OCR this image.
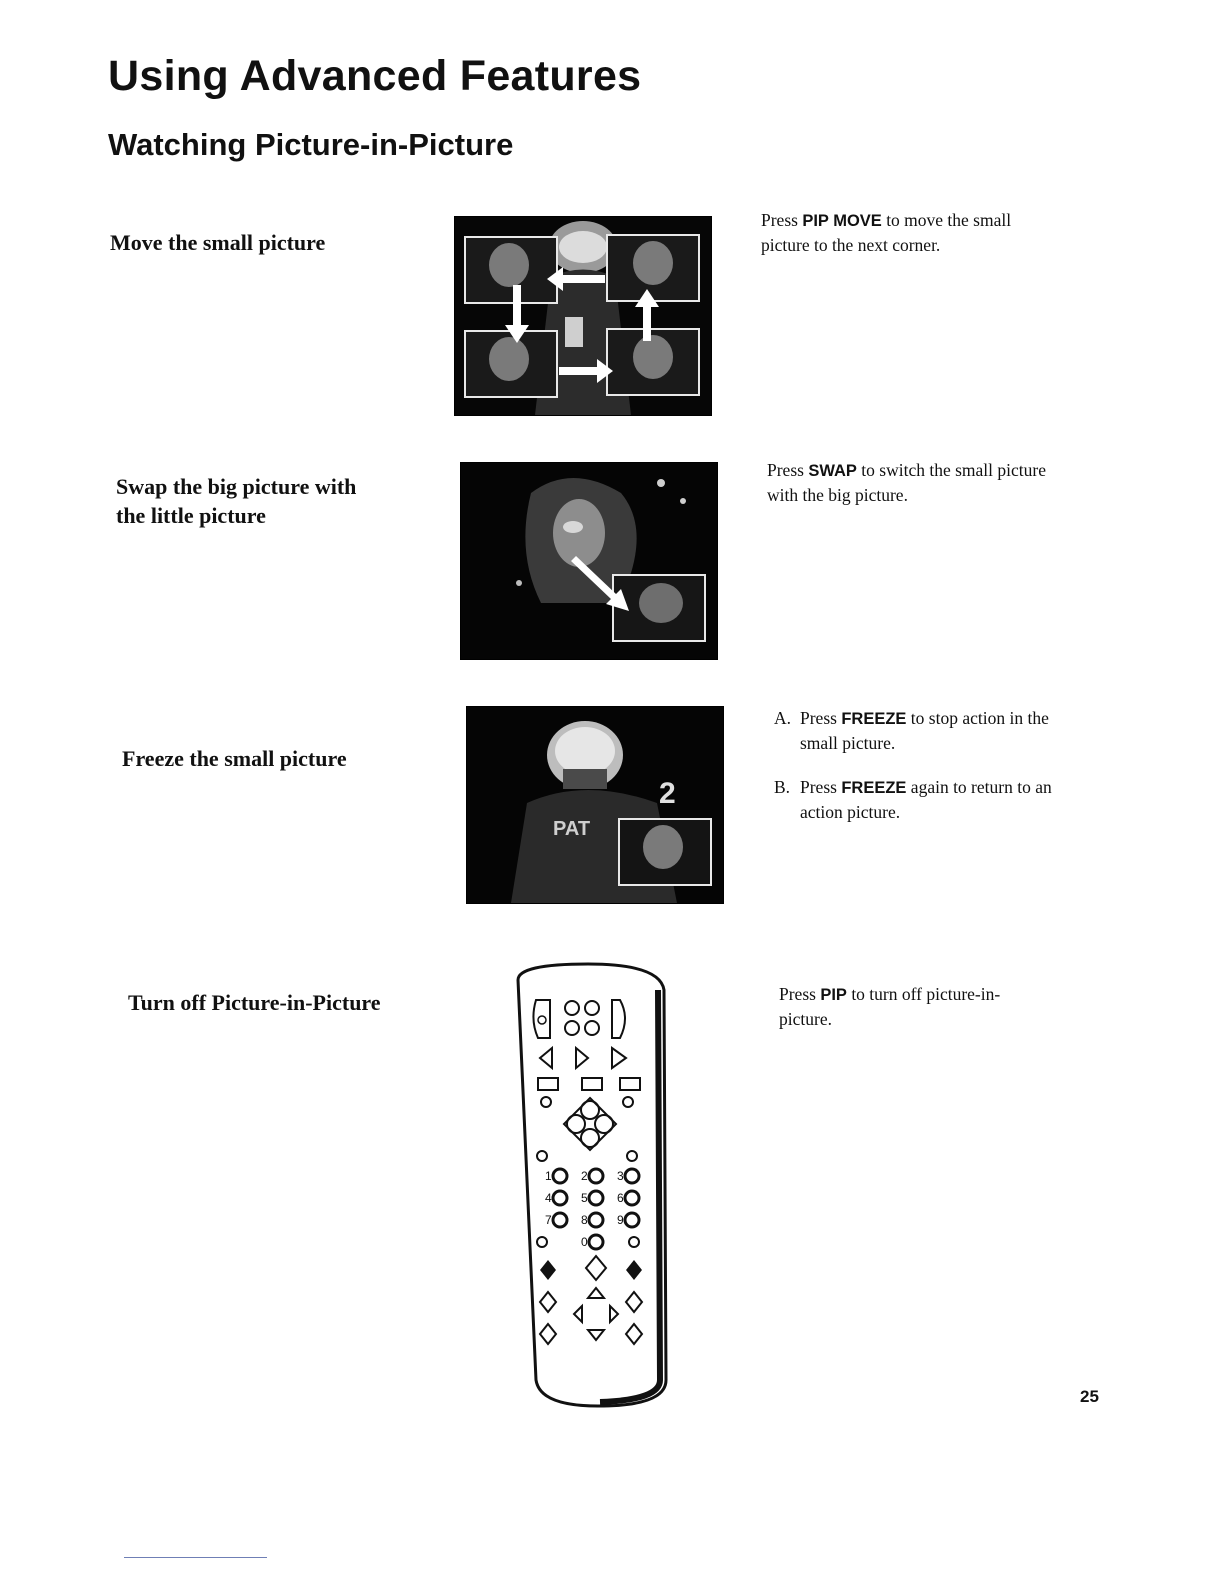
Using Advanced Features
Watching Picture-in-Picture
Move the small picture
Press PIP MOVE to move the small picture to the next corner.
Swap the big picture with
the little picture
Press SWAP to switch the small picture with the big picture.
Freeze the small picture
2
PAT
A. Press FREEZE to stop action in the small picture.
B. Press FREEZE again to return to an action picture.
Turn off Picture-in-Picture	Press PIP to turn off picture-in-picture.
1 2 3
4 5 6
7 8 9
0
25
